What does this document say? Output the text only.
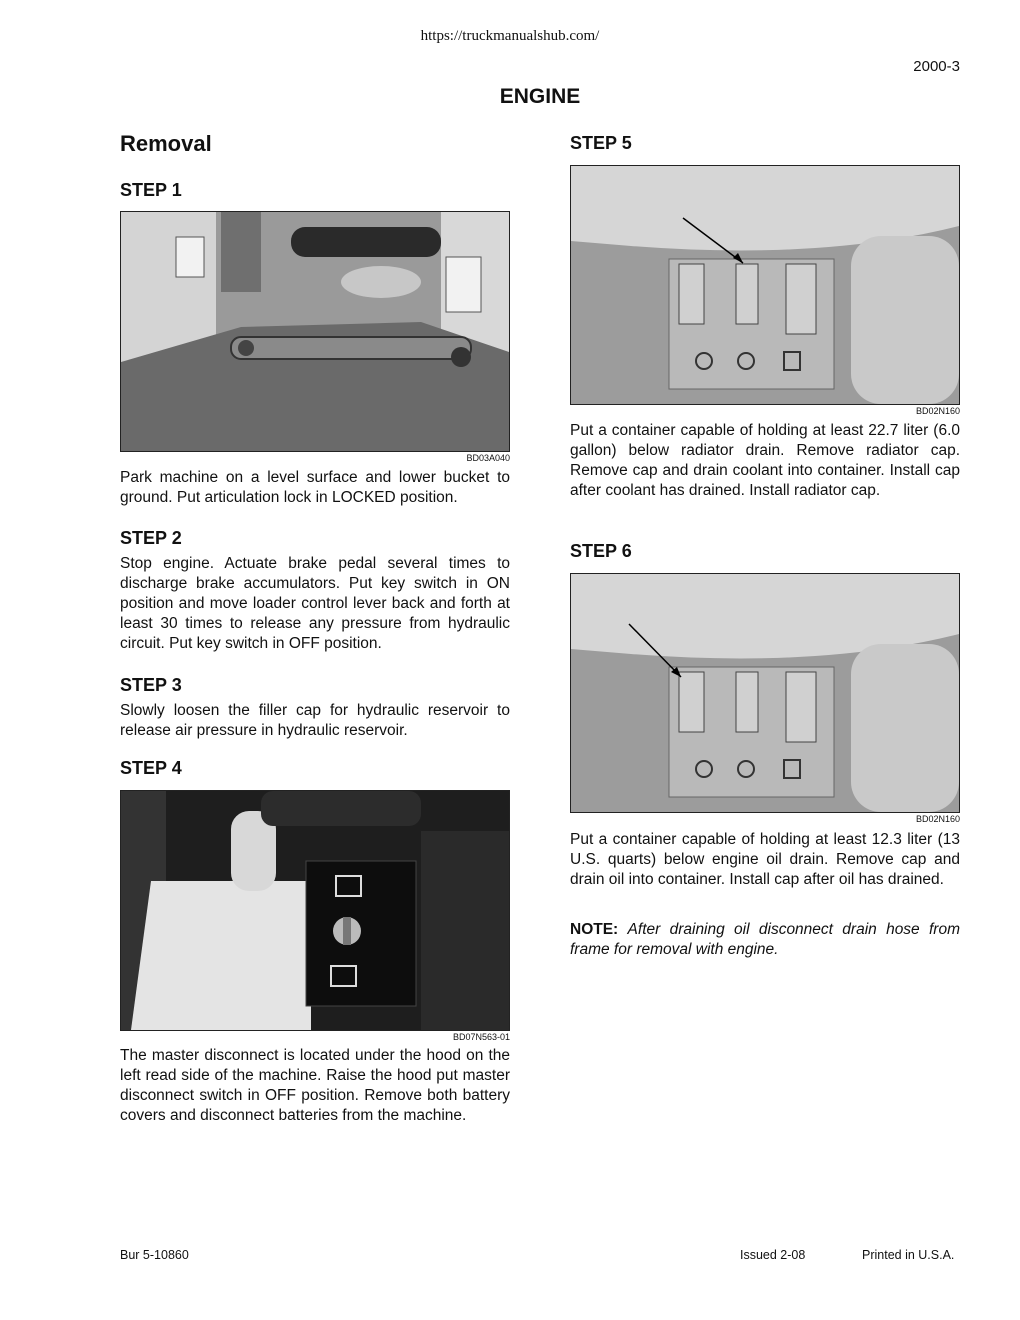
https://truckmanualshub.com/
2000-3
ENGINE
Removal
STEP 1
BD03A040
Park machine on a level surface and lower bucket to ground. Put articulation lock in LOCKED position.
STEP 2
Stop engine. Actuate brake pedal several times to discharge brake accumulators. Put key switch in ON position and move loader control lever back and forth at least 30 times to release any pressure from hydraulic circuit. Put key switch in OFF position.
STEP 3
Slowly loosen the filler cap for hydraulic reservoir to release air pressure in hydraulic reservoir.
STEP 4
BD07N563-01
The master disconnect is located under the hood on the left read side of the machine. Raise the hood put master disconnect switch in OFF position. Remove both battery covers and disconnect batteries from the machine.
STEP 5
BD02N160
Put a container capable of holding at least 22.7 liter (6.0 gallon) below radiator drain. Remove radiator cap. Remove cap and drain coolant into container. Install cap after coolant has drained. Install radiator cap.
STEP 6
BD02N160
Put a container capable of holding at least 12.3 liter (13 U.S. quarts) below engine oil drain. Remove cap and drain oil into container. Install cap after oil has drained.
NOTE: After draining oil disconnect drain hose from frame for removal with engine.
Bur 5-10860	Issued 2-08	Printed in U.S.A.
